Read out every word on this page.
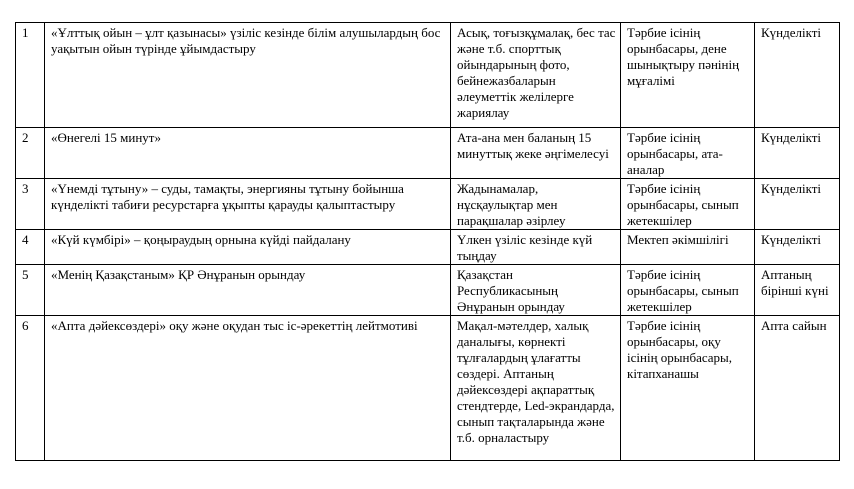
1	«Ұлттық ойын – ұлт қазынасы» үзіліс кезінде білім алушылардың бос уақытын ойын түрінде ұйымдастыру	Асық, тоғызқұмалақ, бес тас және т.б. спорттық ойындарының фото, бейнежазбаларын әлеуметтік желілерге жариялау	Тәрбие ісінің орынбасары, дене шынықтыру пәнінің мұғалімі	Күнделікті
2	«Өнегелі 15 минут»	Ата-ана мен баланың 15 минуттық жеке әңгімелесуі	Тәрбие ісінің орынбасары, ата-аналар	Күнделікті
3	«Үнемді тұтыну» – суды, тамақты, энергияны тұтыну бойынша күнделікті табиғи ресурстарға ұқыпты қарауды қалыптастыру	Жадынамалар, нұсқаулықтар мен парақшалар әзірлеу	Тәрбие ісінің орынбасары, сынып жетекшілер	Күнделікті
4	«Күй күмбірі» – қоңыраудың орнына күйді пайдалану	Үлкен үзіліс кезінде күй тыңдау	Мектеп әкімшілігі	Күнделікті
5	«Менің Қазақстаным» ҚР Әнұранын орындау	Қазақстан Республикасының Әнұранын орындау	Тәрбие ісінің орынбасары, сынып жетекшілер	Аптаның бірінші күні
6	«Апта дәйексөздері» оқу және оқудан тыс іс-әрекеттің лейтмотиві	Мақал-мәтелдер, халық даналығы, көрнекті тұлғалардың ұлағатты сөздері. Аптаның дәйексөздері ақпараттық стендтерде, Led-экрандарда, сынып тақталарында және т.б. орналастыру	Тәрбие ісінің орынбасары, оқу ісінің орынбасары, кітапханашы	Апта сайын
